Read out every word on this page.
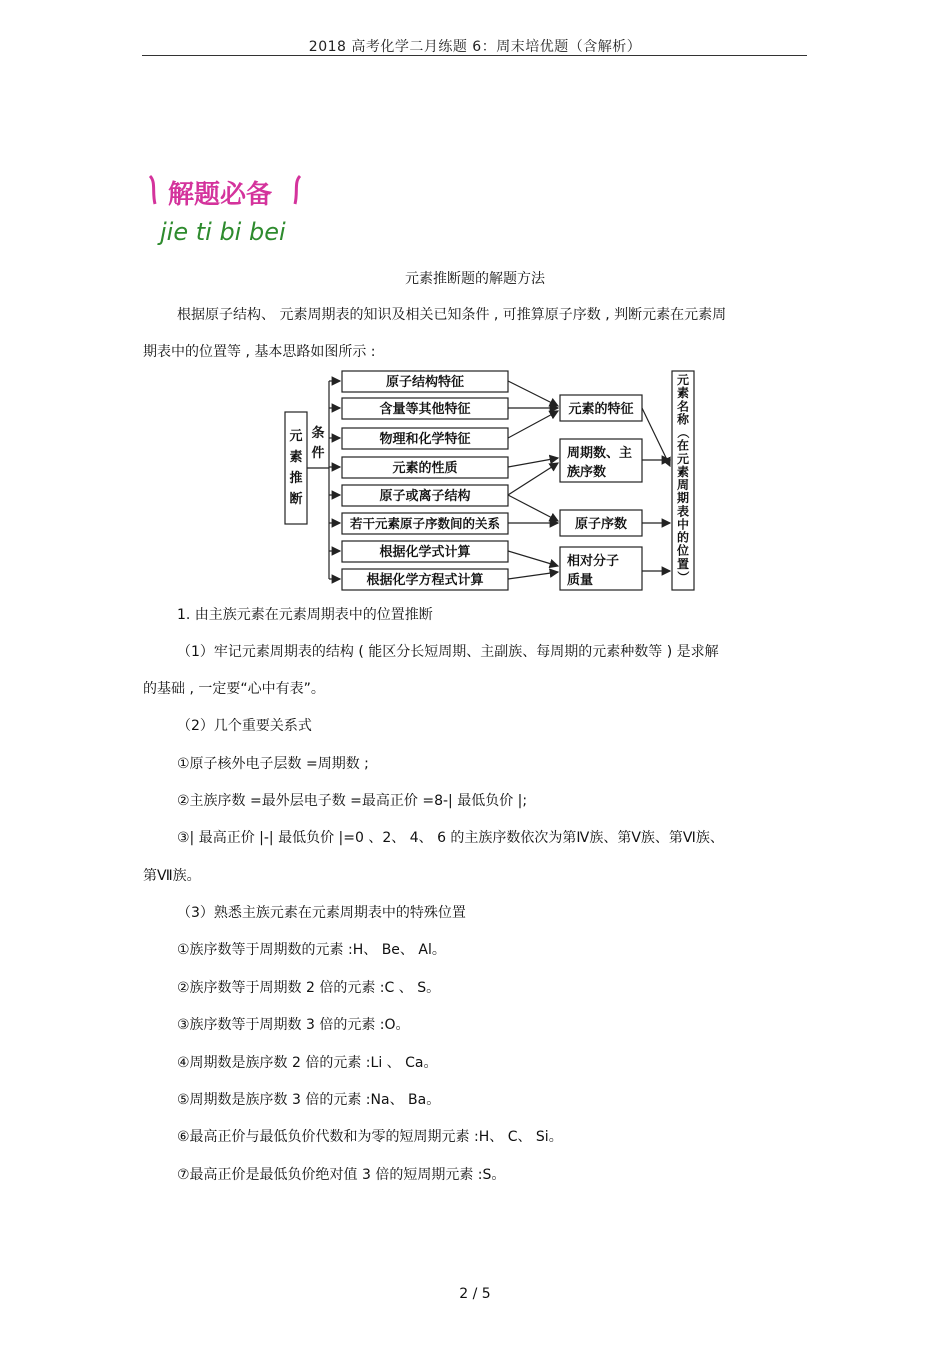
2018 高考化学二月练题 6：周末培优题（含解析）
解题必备
jie ti bi bei
元素推断题的解题方法
根据原子结构、 元素周期表的知识及相关已知条件 , 可推算原子序数 , 判断元素在元素周
期表中的位置等 , 基本思路如图所示 :
元
素
推
断
条
件
原子结构特征
含量等其他特征
物理和化学特征
元素的性质
原子或离子结构
若干元素原子序数间的关系
根据化学式计算
根据化学方程式计算
元素的特征
原子序数
周期数、主
族序数
相对分子
质量
元
素
名
称
（
在
元
素
周
期
表
中
的
位
置
）
1. 由主族元素在元素周期表中的位置推断
（1）牢记元素周期表的结构 ( 能区分长短周期、主副族、每周期的元素种数等 ) 是求解
的基础 , 一定要“心中有表”。
（2）几个重要关系式
①原子核外电子层数 =周期数 ;
②主族序数 =最外层电子数 =最高正价 =8-| 最低负价 |;
③| 最高正价 |-| 最低负价 |=0 、2、 4、 6 的主族序数依次为第Ⅳ族、第Ⅴ族、第Ⅵ族、
第Ⅶ族。
（3）熟悉主族元素在元素周期表中的特殊位置
①族序数等于周期数的元素 :H、 Be、 Al。
②族序数等于周期数 2 倍的元素 :C 、 S。
③族序数等于周期数 3 倍的元素 :O。
④周期数是族序数 2 倍的元素 :Li 、 Ca。
⑤周期数是族序数 3 倍的元素 :Na、 Ba。
⑥最高正价与最低负价代数和为零的短周期元素 :H、 C、 Si。
⑦最高正价是最低负价绝对值 3 倍的短周期元素 :S。
2 / 5
